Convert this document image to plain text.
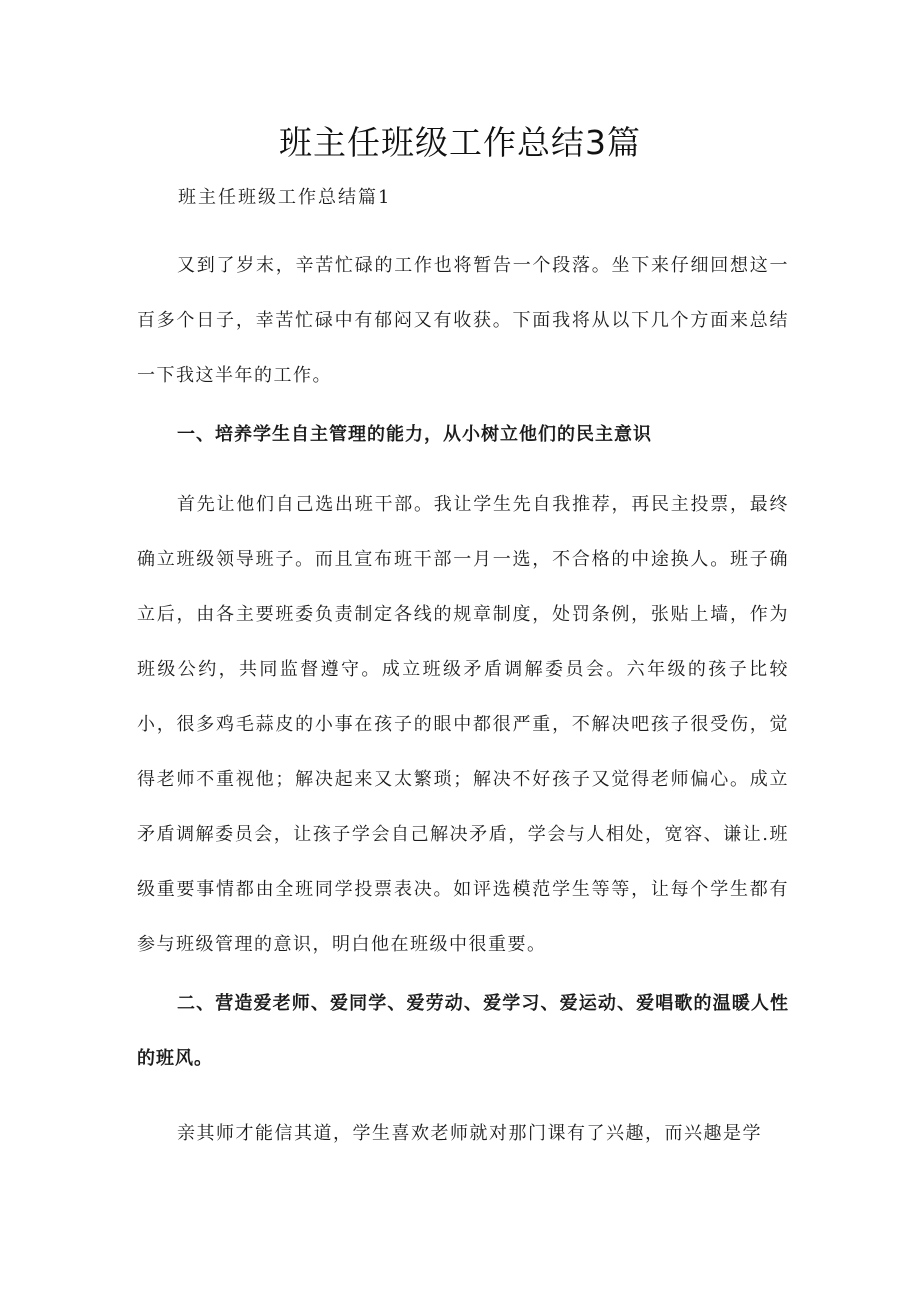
班主任班级工作总结3篇
班主任班级工作总结篇1

又到了岁末，辛苦忙碌的工作也将暂告一个段落。坐下来仔细回想这一百多个日子，幸苦忙碌中有郁闷又有收获。下面我将从以下几个方面来总结一下我这半年的工作。

一、培养学生自主管理的能力，从小树立他们的民主意识

首先让他们自己选出班干部。我让学生先自我推荐，再民主投票，最终确立班级领导班子。而且宣布班干部一月一选，不合格的中途换人。班子确立后，由各主要班委负责制定各线的规章制度，处罚条例，张贴上墙，作为班级公约，共同监督遵守。成立班级矛盾调解委员会。六年级的孩子比较小，很多鸡毛蒜皮的小事在孩子的眼中都很严重，不解决吧孩子很受伤，觉得老师不重视他；解决起来又太繁琐；解决不好孩子又觉得老师偏心。成立矛盾调解委员会，让孩子学会自己解决矛盾，学会与人相处，宽容、谦让.班级重要事情都由全班同学投票表决。如评选模范学生等等，让每个学生都有参与班级管理的意识，明白他在班级中很重要。

二、营造爱老师、爱同学、爱劳动、爱学习、爱运动、爱唱歌的温暖人性的班风。

亲其师才能信其道，学生喜欢老师就对那门课有了兴趣，而兴趣是学
